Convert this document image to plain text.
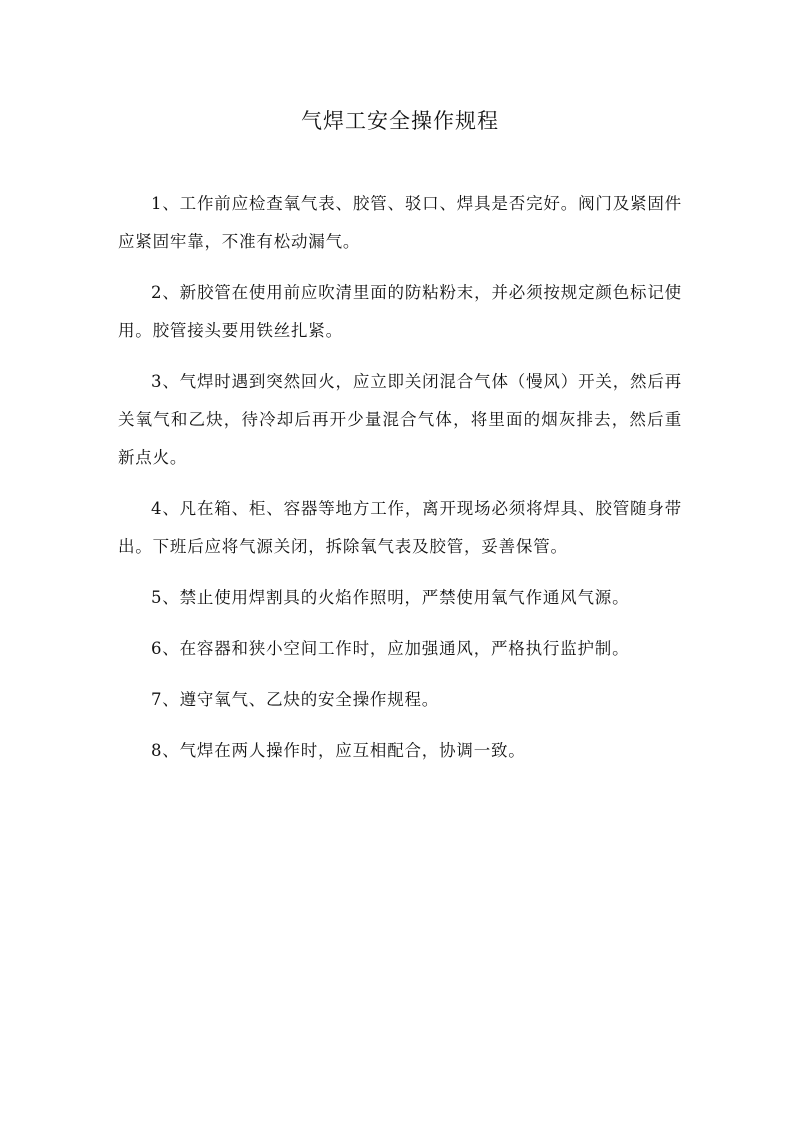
气焊工安全操作规程

1、工作前应检查氧气表、胶管、驳口、焊具是否完好。阀门及紧固件应紧固牢靠，不准有松动漏气。

2、新胶管在使用前应吹清里面的防粘粉末，并必须按规定颜色标记使用。胶管接头要用铁丝扎紧。

3、气焊时遇到突然回火，应立即关闭混合气体（慢风）开关，然后再关氧气和乙炔，待冷却后再开少量混合气体，将里面的烟灰排去，然后重新点火。

4、凡在箱、柜、容器等地方工作，离开现场必须将焊具、胶管随身带出。下班后应将气源关闭，拆除氧气表及胶管，妥善保管。

5、禁止使用焊割具的火焰作照明，严禁使用氧气作通风气源。

6、在容器和狭小空间工作时，应加强通风，严格执行监护制。

7、遵守氧气、乙炔的安全操作规程。

8、气焊在两人操作时，应互相配合，协调一致。
